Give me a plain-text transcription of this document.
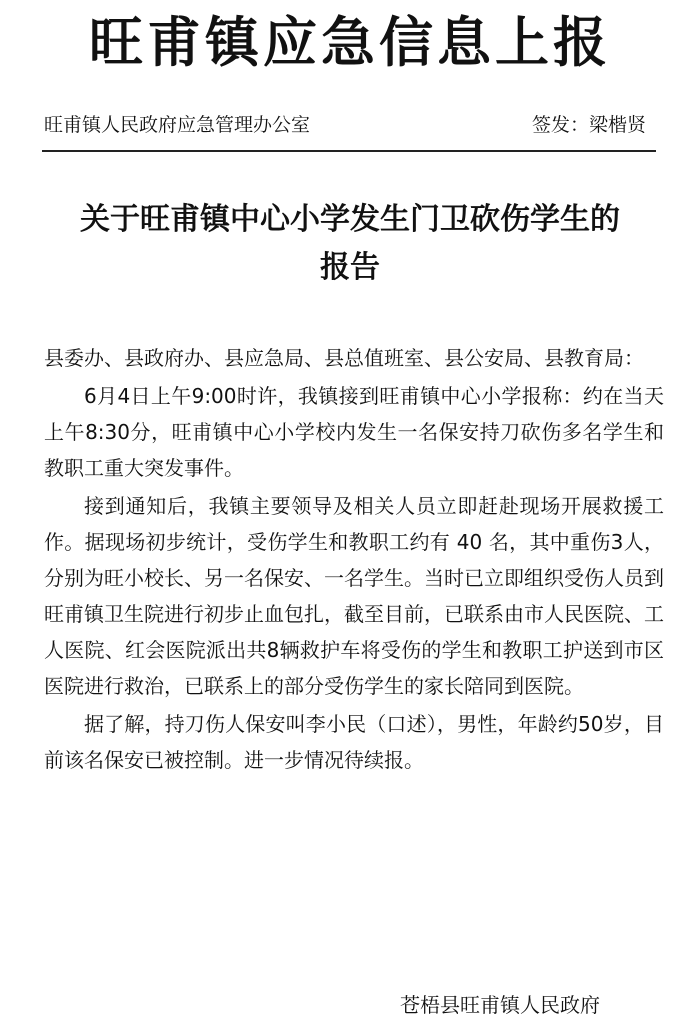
旺甫镇应急信息上报
旺甫镇人民政府应急管理办公室	签发：梁楷贤
关于旺甫镇中心小学发生门卫砍伤学生的
报告

县委办、县政府办、县应急局、县总值班室、县公安局、县教育局：

6月4日上午9:00时许，我镇接到旺甫镇中心小学报称：约在当天上午8:30分，旺甫镇中心小学校内发生一名保安持刀砍伤多名学生和教职工重大突发事件。

接到通知后，我镇主要领导及相关人员立即赶赴现场开展救援工作。据现场初步统计，受伤学生和教职工约有 40 名，其中重伤3人，分别为旺小校长、另一名保安、一名学生。当时已立即组织受伤人员到旺甫镇卫生院进行初步止血包扎，截至目前，已联系由市人民医院、工人医院、红会医院派出共8辆救护车将受伤的学生和教职工护送到市区医院进行救治，已联系上的部分受伤学生的家长陪同到医院。

据了解，持刀伤人保安叫李小民（口述），男性，年龄约50岁，目前该名保安已被控制。进一步情况待续报。

苍梧县旺甫镇人民政府
